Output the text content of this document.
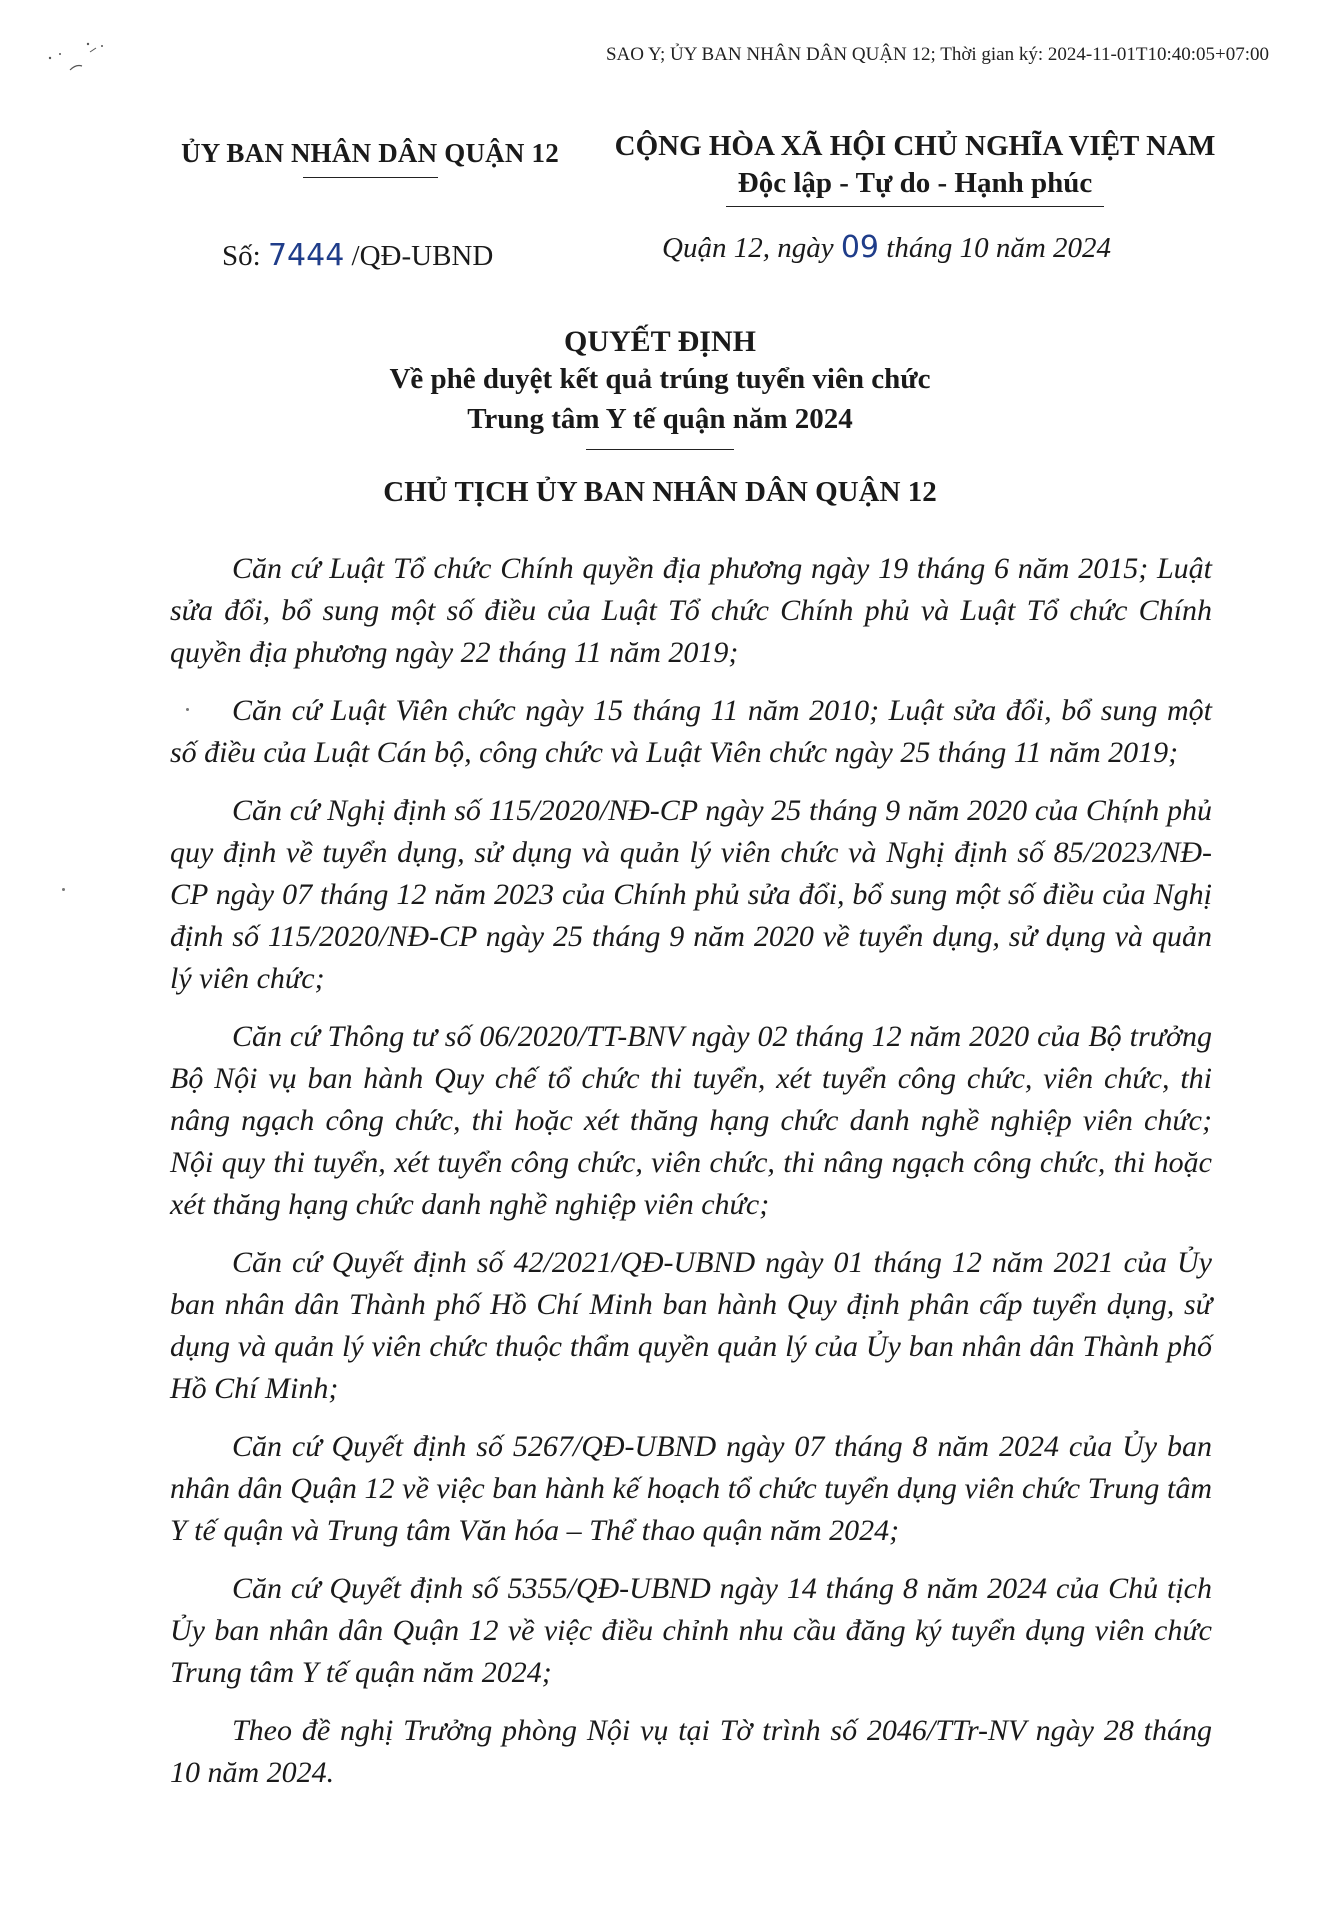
SAO Y; ỦY BAN NHÂN DÂN QUẬN 12; Thời gian ký: 2024-11-01T10:40:05+07:00
ỦY BAN NHÂN DÂN QUẬN 12	CỘNG HÒA XÃ HỘI CHỦ NGHĨA VIỆT NAM
Độc lập - Tự do - Hạnh phúc
Số: 7444 /QĐ-UBND	Quận 12, ngày 09 tháng 10 năm 2024
QUYẾT ĐỊNH
Về phê duyệt kết quả trúng tuyển viên chức
Trung tâm Y tế quận năm 2024
CHỦ TỊCH ỦY BAN NHÂN DÂN QUẬN 12

Căn cứ Luật Tổ chức Chính quyền địa phương ngày 19 tháng 6 năm 2015; Luật sửa đổi, bổ sung một số điều của Luật Tổ chức Chính phủ và Luật Tổ chức Chính quyền địa phương ngày 22 tháng 11 năm 2019;

Căn cứ Luật Viên chức ngày 15 tháng 11 năm 2010; Luật sửa đổi, bổ sung một số điều của Luật Cán bộ, công chức và Luật Viên chức ngày 25 tháng 11 năm 2019;

Căn cứ Nghị định số 115/2020/NĐ-CP ngày 25 tháng 9 năm 2020 của Chính phủ quy định về tuyển dụng, sử dụng và quản lý viên chức và Nghị định số 85/2023/NĐ-CP ngày 07 tháng 12 năm 2023 của Chính phủ sửa đổi, bổ sung một số điều của Nghị định số 115/2020/NĐ-CP ngày 25 tháng 9 năm 2020 về tuyển dụng, sử dụng và quản lý viên chức;

Căn cứ Thông tư số 06/2020/TT-BNV ngày 02 tháng 12 năm 2020 của Bộ trưởng Bộ Nội vụ ban hành Quy chế tổ chức thi tuyển, xét tuyển công chức, viên chức, thi nâng ngạch công chức, thi hoặc xét thăng hạng chức danh nghề nghiệp viên chức; Nội quy thi tuyển, xét tuyển công chức, viên chức, thi nâng ngạch công chức, thi hoặc xét thăng hạng chức danh nghề nghiệp viên chức;

Căn cứ Quyết định số 42/2021/QĐ-UBND ngày 01 tháng 12 năm 2021 của Ủy ban nhân dân Thành phố Hồ Chí Minh ban hành Quy định phân cấp tuyển dụng, sử dụng và quản lý viên chức thuộc thẩm quyền quản lý của Ủy ban nhân dân Thành phố Hồ Chí Minh;

Căn cứ Quyết định số 5267/QĐ-UBND ngày 07 tháng 8 năm 2024 của Ủy ban nhân dân Quận 12 về việc ban hành kế hoạch tổ chức tuyển dụng viên chức Trung tâm Y tế quận và Trung tâm Văn hóa – Thể thao quận năm 2024;

Căn cứ Quyết định số 5355/QĐ-UBND ngày 14 tháng 8 năm 2024 của Chủ tịch Ủy ban nhân dân Quận 12 về việc điều chỉnh nhu cầu đăng ký tuyển dụng viên chức Trung tâm Y tế quận năm 2024;

Theo đề nghị Trưởng phòng Nội vụ tại Tờ trình số 2046/TTr-NV ngày 28 tháng 10 năm 2024.
